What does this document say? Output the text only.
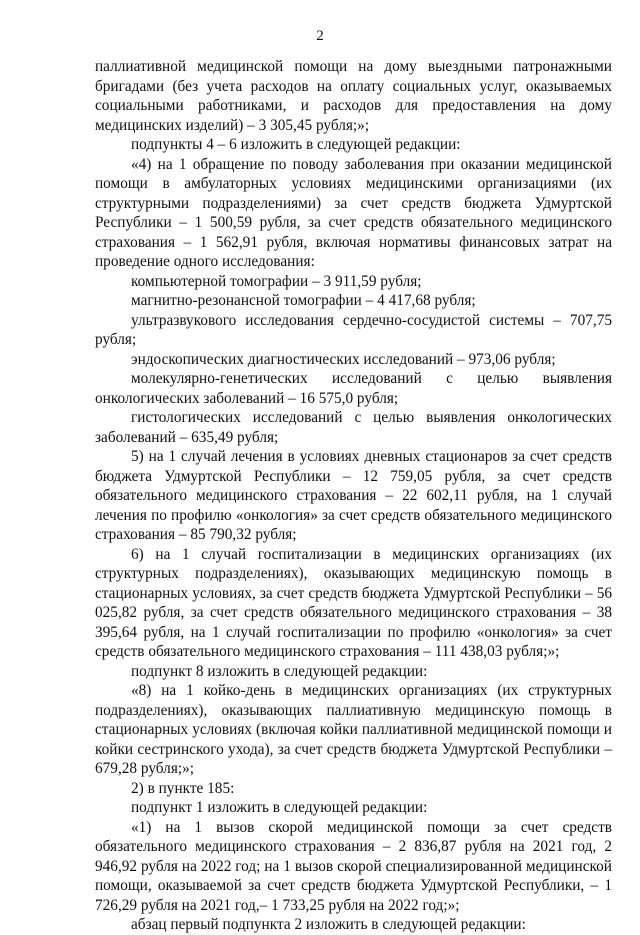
2

паллиативной медицинской помощи на дому выездными патронажными бригадами (без учета расходов на оплату социальных услуг, оказываемых социальными работниками, и расходов для предоставления на дому медицинских изделий) – 3 305,45 рубля;»;

подпункты 4 – 6 изложить в следующей редакции:

«4) на 1 обращение по поводу заболевания при оказании медицинской помощи в амбулаторных условиях медицинскими организациями (их структурными подразделениями) за счет средств бюджета Удмуртской Республики – 1 500,59 рубля, за счет средств обязательного медицинского страхования – 1 562,91 рубля, включая нормативы финансовых затрат на проведение одного исследования:

компьютерной томографии – 3 911,59 рубля;

магнитно-резонансной томографии – 4 417,68 рубля;

ультразвукового исследования сердечно-сосудистой системы – 707,75 рубля;

эндоскопических диагностических исследований – 973,06 рубля;

молекулярно-генетических исследований с целью выявления онкологических заболеваний – 16 575,0 рубля;

гистологических исследований с целью выявления онкологических заболеваний – 635,49 рубля;

5) на 1 случай лечения в условиях дневных стационаров за счет средств бюджета Удмуртской Республики – 12 759,05 рубля, за счет средств обязательного медицинского страхования – 22 602,11 рубля, на 1 случай лечения по профилю «онкология» за счет средств обязательного медицинского страхования – 85 790,32 рубля;

6) на 1 случай госпитализации в медицинских организациях (их структурных подразделениях), оказывающих медицинскую помощь в стационарных условиях, за счет средств бюджета Удмуртской Республики – 56 025,82 рубля, за счет средств обязательного медицинского страхования – 38 395,64 рубля, на 1 случай госпитализации по профилю «онкология» за счет средств обязательного медицинского страхования – 111 438,03 рубля;»;

подпункт 8 изложить в следующей редакции:

«8) на 1 койко-день в медицинских организациях (их структурных подразделениях), оказывающих паллиативную медицинскую помощь в стационарных условиях (включая койки паллиативной медицинской помощи и койки сестринского ухода), за счет средств бюджета Удмуртской Республики – 679,28 рубля;»;

2) в пункте 185:

подпункт 1 изложить в следующей редакции:

«1) на 1 вызов скорой медицинской помощи за счет средств обязательного медицинского страхования – 2 836,87 рубля на 2021 год, 2 946,92 рубля на 2022 год; на 1 вызов скорой специализированной медицинской помощи, оказываемой за счет средств бюджета Удмуртской Республики, – 1 726,29 рубля на 2021 год,– 1 733,25 рубля на 2022 год;»;

абзац первый подпункта 2 изложить в следующей редакции:
